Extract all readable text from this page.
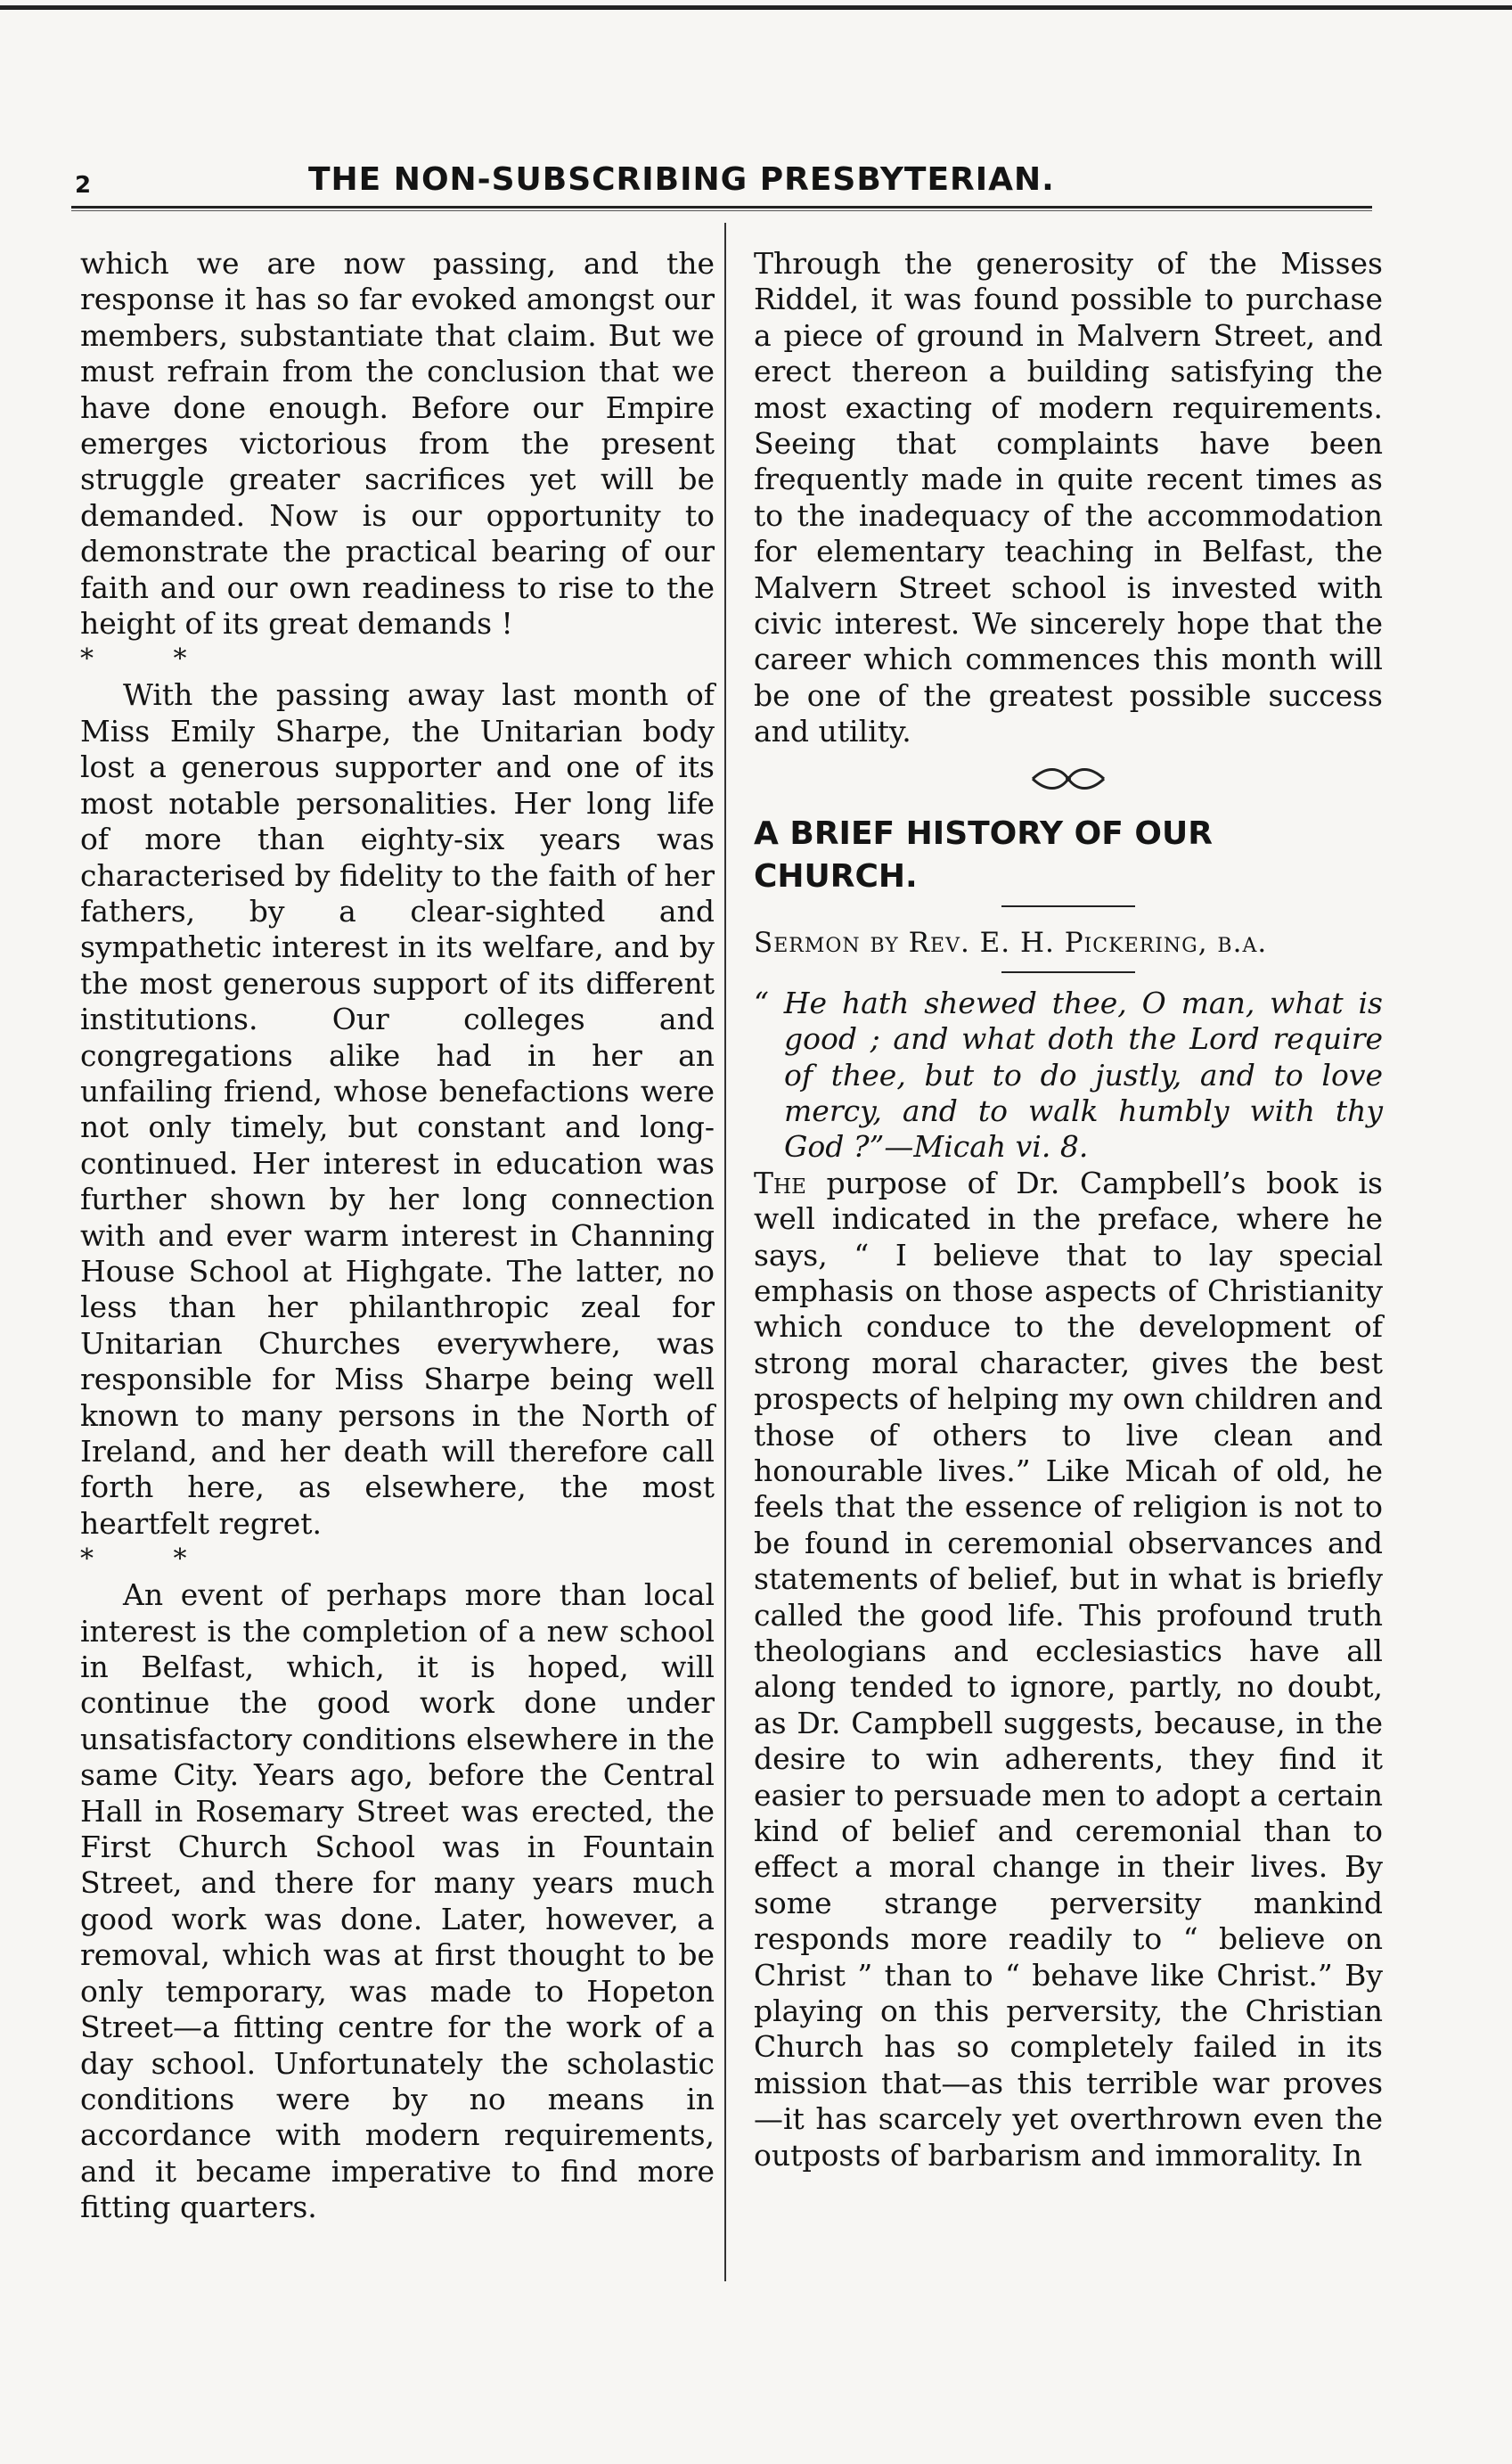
2	THE NON-SUBSCRIBING PRESBYTERIAN.

which we are now passing, and the response it has so far evoked amongst our members, substantiate that claim. But we must refrain from the conclusion that we have done enough. Before our Empire emerges victorious from the present struggle greater sacrifices yet will be demanded. Now is our opportunity to demonstrate the practical bearing of our faith and our own readiness to rise to the height of its great demands !

* *

With the passing away last month of Miss Emily Sharpe, the Unitarian body lost a generous supporter and one of its most notable personalities. Her long life of more than eighty-six years was characterised by fidelity to the faith of her fathers, by a clear-sighted and sympathetic interest in its welfare, and by the most generous support of its different institutions. Our colleges and congregations alike had in her an unfailing friend, whose benefactions were not only timely, but constant and long-continued. Her interest in education was further shown by her long connection with and ever warm interest in Channing House School at Highgate. The latter, no less than her philanthropic zeal for Unitarian Churches everywhere, was responsible for Miss Sharpe being well known to many persons in the North of Ireland, and her death will therefore call forth here, as elsewhere, the most heartfelt regret.

* *

An event of perhaps more than local interest is the completion of a new school in Belfast, which, it is hoped, will continue the good work done under unsatisfactory conditions elsewhere in the same City. Years ago, before the Central Hall in Rosemary Street was erected, the First Church School was in Fountain Street, and there for many years much good work was done. Later, however, a removal, which was at first thought to be only temporary, was made to Hopeton Street—a fitting centre for the work of a day school. Unfortunately the scholastic conditions were by no means in accordance with modern requirements, and it became imperative to find more fitting quarters.

Through the generosity of the Misses Riddel, it was found possible to purchase a piece of ground in Malvern Street, and erect thereon a building satisfying the most exacting of modern requirements. Seeing that complaints have been frequently made in quite recent times as to the inadequacy of the accommodation for elementary teaching in Belfast, the Malvern Street school is invested with civic interest. We sincerely hope that the career which commences this month will be one of the greatest possible success and utility.

A BRIEF HISTORY OF OUR
CHURCH.

Sermon by Rev. E. H. Pickering, b.a.

“ He hath shewed thee, O man, what is good ; and what doth the Lord require of thee, but to do justly, and to love mercy, and to walk humbly with thy God ?”—Micah vi. 8.

The purpose of Dr. Campbell’s book is well indicated in the preface, where he says, “ I believe that to lay special emphasis on those aspects of Christianity which conduce to the development of strong moral character, gives the best prospects of helping my own children and those of others to live clean and honourable lives.” Like Micah of old, he feels that the essence of religion is not to be found in ceremonial observances and statements of belief, but in what is briefly called the good life. This profound truth theologians and ecclesiastics have all along tended to ignore, partly, no doubt, as Dr. Campbell suggests, because, in the desire to win adherents, they find it easier to persuade men to adopt a certain kind of belief and ceremonial than to effect a moral change in their lives. By some strange perversity mankind responds more readily to “ believe on Christ ” than to “ behave like Christ.” By playing on this perversity, the Christian Church has so completely failed in its mission that—as this terrible war proves—it has scarcely yet overthrown even the outposts of barbarism and immorality. In
